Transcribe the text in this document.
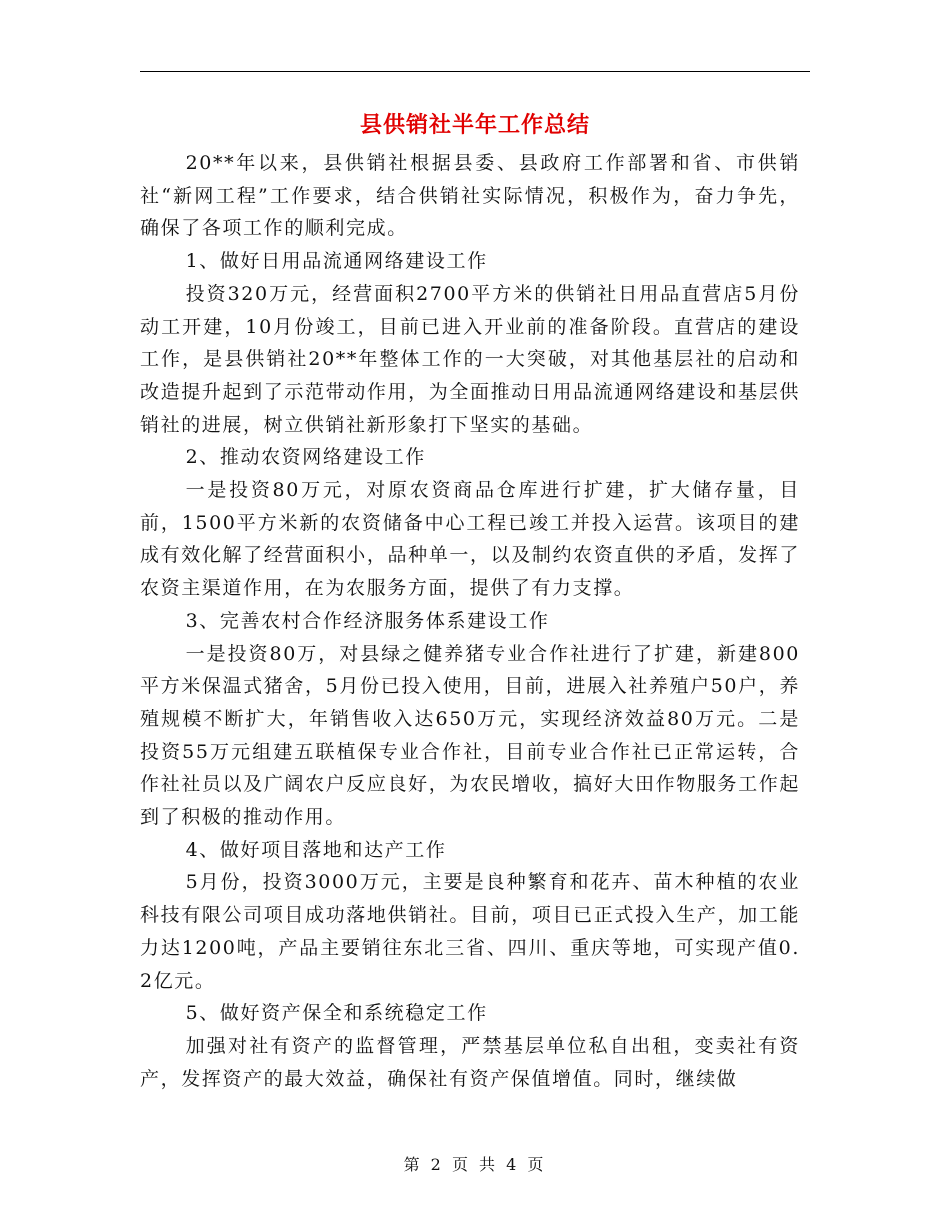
县供销社半年工作总结

20**年以来，县供销社根据县委、县政府工作部署和省、市供销社“新网工程”工作要求，结合供销社实际情况，积极作为，奋力争先，确保了各项工作的顺利完成。

1、做好日用品流通网络建设工作

投资320万元，经营面积2700平方米的供销社日用品直营店5月份动工开建，10月份竣工，目前已进入开业前的准备阶段。直营店的建设工作，是县供销社20**年整体工作的一大突破，对其他基层社的启动和改造提升起到了示范带动作用，为全面推动日用品流通网络建设和基层供销社的进展，树立供销社新形象打下坚实的基础。

2、推动农资网络建设工作

一是投资80万元，对原农资商品仓库进行扩建，扩大储存量，目前，1500平方米新的农资储备中心工程已竣工并投入运营。该项目的建成有效化解了经营面积小，品种单一，以及制约农资直供的矛盾，发挥了农资主渠道作用，在为农服务方面，提供了有力支撑。

3、完善农村合作经济服务体系建设工作

一是投资80万，对县绿之健养猪专业合作社进行了扩建，新建800平方米保温式猪舍，5月份已投入使用，目前，进展入社养殖户50户，养殖规模不断扩大，年销售收入达650万元，实现经济效益80万元。二是投资55万元组建五联植保专业合作社，目前专业合作社已正常运转，合作社社员以及广阔农户反应良好，为农民增收，搞好大田作物服务工作起到了积极的推动作用。

4、做好项目落地和达产工作

5月份，投资3000万元，主要是良种繁育和花卉、苗木种植的农业科技有限公司项目成功落地供销社。目前，项目已正式投入生产，加工能力达1200吨，产品主要销往东北三省、四川、重庆等地，可实现产值0.2亿元。

5、做好资产保全和系统稳定工作

加强对社有资产的监督管理，严禁基层单位私自出租，变卖社有资产，发挥资产的最大效益，确保社有资产保值增值。同时，继续做

第 2 页 共 4 页
